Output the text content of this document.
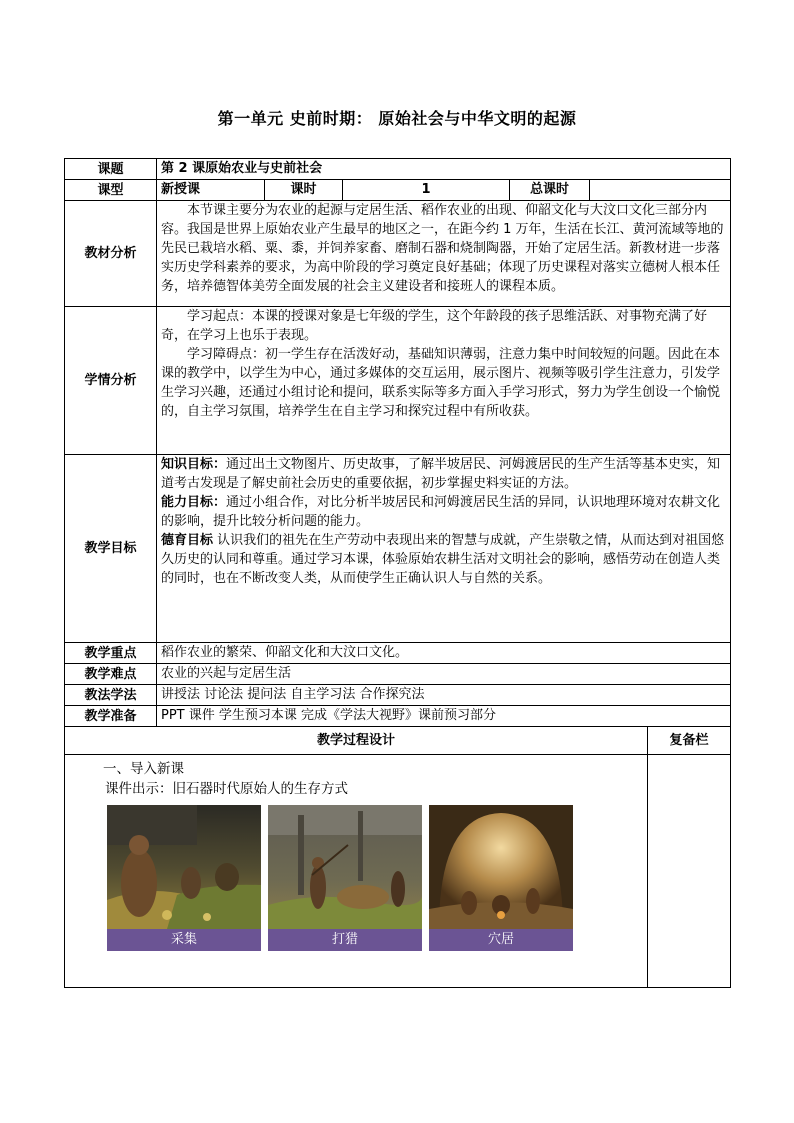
第一单元 史前时期： 原始社会与中华文明的起源
课题	第 2 课原始农业与史前社会					
课型	新授课	课时	1	总课时		
教材分析	本节课主要分为农业的起源与定居生活、稻作农业的出现、仰韶文化与大汶口文化三部分内容。我国是世界上原始农业产生最早的地区之一，在距今约 1 万年，生活在长江、黄河流域等地的先民已栽培水稻、粟、黍，并饲养家畜、磨制石器和烧制陶器，开始了定居生活。新教材进一步落实历史学科素养的要求，为高中阶段的学习奠定良好基础；体现了历史课程对落实立德树人根本任务，培养德智体美劳全面发展的社会主义建设者和接班人的课程本质。					

学情分析	学习起点：本课的授课对象是七年级的学生，这个年龄段的孩子思维活跃、对事物充满了好奇，在学习上也乐于表现。

学习障碍点：初一学生存在活泼好动，基础知识薄弱，注意力集中时间较短的问题。因此在本课的教学中，以学生为中心，通过多媒体的交互运用，展示图片、视频等吸引学生注意力，引发学生学习兴趣，还通过小组讨论和提问，联系实际等多方面入手学习形式，努力为学生创设一个愉悦的，自主学习氛围，培养学生在自主学习和探究过程中有所收获。					

教学目标	知识目标：通过出土文物图片、历史故事，了解半坡居民、河姆渡居民的生产生活等基本史实，知道考古发现是了解史前社会历史的重要依据，初步掌握史料实证的方法。

能力目标：通过小组合作，对比分析半坡居民和河姆渡居民生活的异同，认识地理环境对农耕文化的影响，提升比较分析问题的能力。

德育目标 认识我们的祖先在生产劳动中表现出来的智慧与成就，产生崇敬之情，从而达到对祖国悠久历史的认同和尊重。通过学习本课，体验原始农耕生活对文明社会的影响，感悟劳动在创造人类的同时，也在不断改变人类，从而使学生正确认识人与自然的关系。					

教学重点	稻作农业的繁荣、仰韶文化和大汶口文化。					
教学难点	农业的兴起与定居生活					
教法学法	讲授法 讨论法 提问法 自主学习法 合作探究法					
教学准备	PPT 课件 学生预习本课 完成《学法大视野》课前预习部分					
教学过程设计						复备栏

一、导入新课

课件出示：旧石器时代原始人的生存方式

采集 打猎 穴居						
